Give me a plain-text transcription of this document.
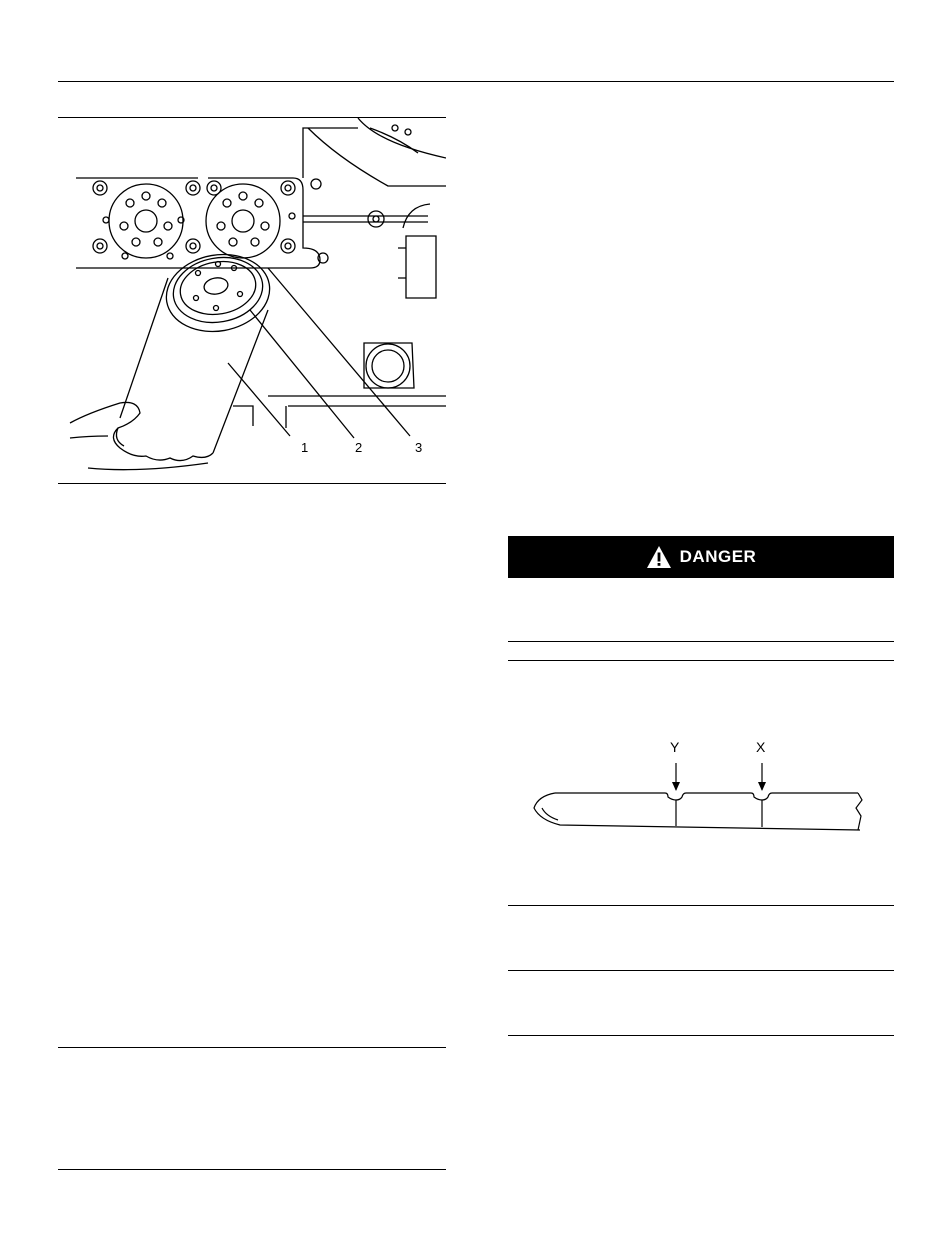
1	2	3
DANGER
Y	X
